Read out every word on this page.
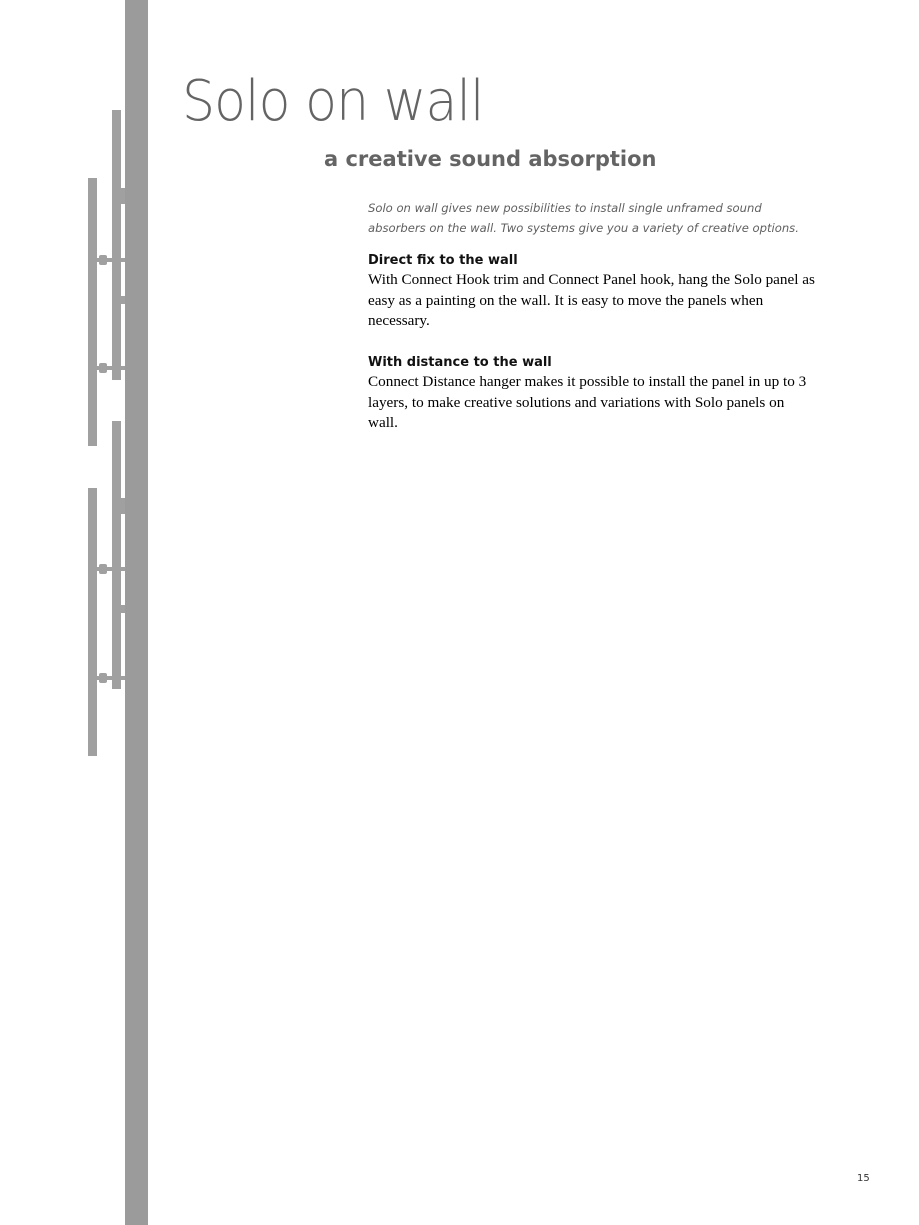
Solo on wall
a creative sound absorption

Solo on wall gives new possibilities to install single unframed sound absorbers on the wall. Two systems give you a variety of creative options.

Direct fix to the wall

With Connect Hook trim and Connect Panel hook, hang the Solo panel as easy as a painting on the wall. It is easy to move the panels when necessary.

With distance to the wall

Connect Distance hanger makes it possible to install the panel in up to 3 layers, to make creative solutions and variations with Solo panels on wall.

15
